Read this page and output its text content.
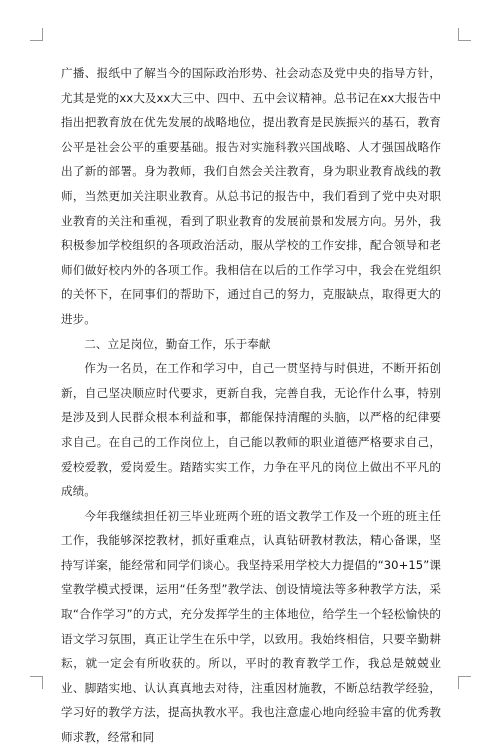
广播、报纸中了解当今的国际政治形势、社会动态及党中央的指导方针，尤其是党的xx大及xx大三中、四中、五中会议精神。总书记在xx大报告中指出把教育放在优先发展的战略地位，提出教育是民族振兴的基石，教育公平是社会公平的重要基础。报告对实施科教兴国战略、人才强国战略作出了新的部署。身为教师，我们自然会关注教育，身为职业教育战线的教师，当然更加关注职业教育。从总书记的报告中，我们看到了党中央对职业教育的关注和重视，看到了职业教育的发展前景和发展方向。另外，我积极参加学校组织的各项政治活动，服从学校的工作安排，配合领导和老师们做好校内外的各项工作。我相信在以后的工作学习中，我会在党组织的关怀下，在同事们的帮助下，通过自己的努力，克服缺点，取得更大的进步。

二、立足岗位，勤奋工作，乐于奉献

作为一名员，在工作和学习中，自己一贯坚持与时俱进，不断开拓创新，自己坚决顺应时代要求，更新自我，完善自我，无论作什么事，特别是涉及到人民群众根本利益和事，都能保持清醒的头脑，以严格的纪律要求自己。在自己的工作岗位上，自己能以教师的职业道德严格要求自己，爱校爱教，爱岗爱生。踏踏实实工作，力争在平凡的岗位上做出不平凡的成绩。

今年我继续担任初三毕业班两个班的语文教学工作及一个班的班主任工作，我能够深挖教材，抓好重难点，认真钻研教材教法，精心备课，坚持写详案，能经常和同学们谈心。我坚持采用学校大力提倡的“30+15”课堂教学模式授课，运用“任务型”教学法、创设情境法等多种教学方法，采取“合作学习”的方式，充分发挥学生的主体地位，给学生一个轻松愉快的语文学习氛围，真正让学生在乐中学，以致用。我始终相信，只要辛勤耕耘，就一定会有所收获的。所以，平时的教育教学工作，我总是兢兢业业、脚踏实地、认认真真地去对待，注重因材施教，不断总结教学经验，学习好的教学方法，提高执教水平。我也注意虚心地向经验丰富的优秀教师求教，经常和同
